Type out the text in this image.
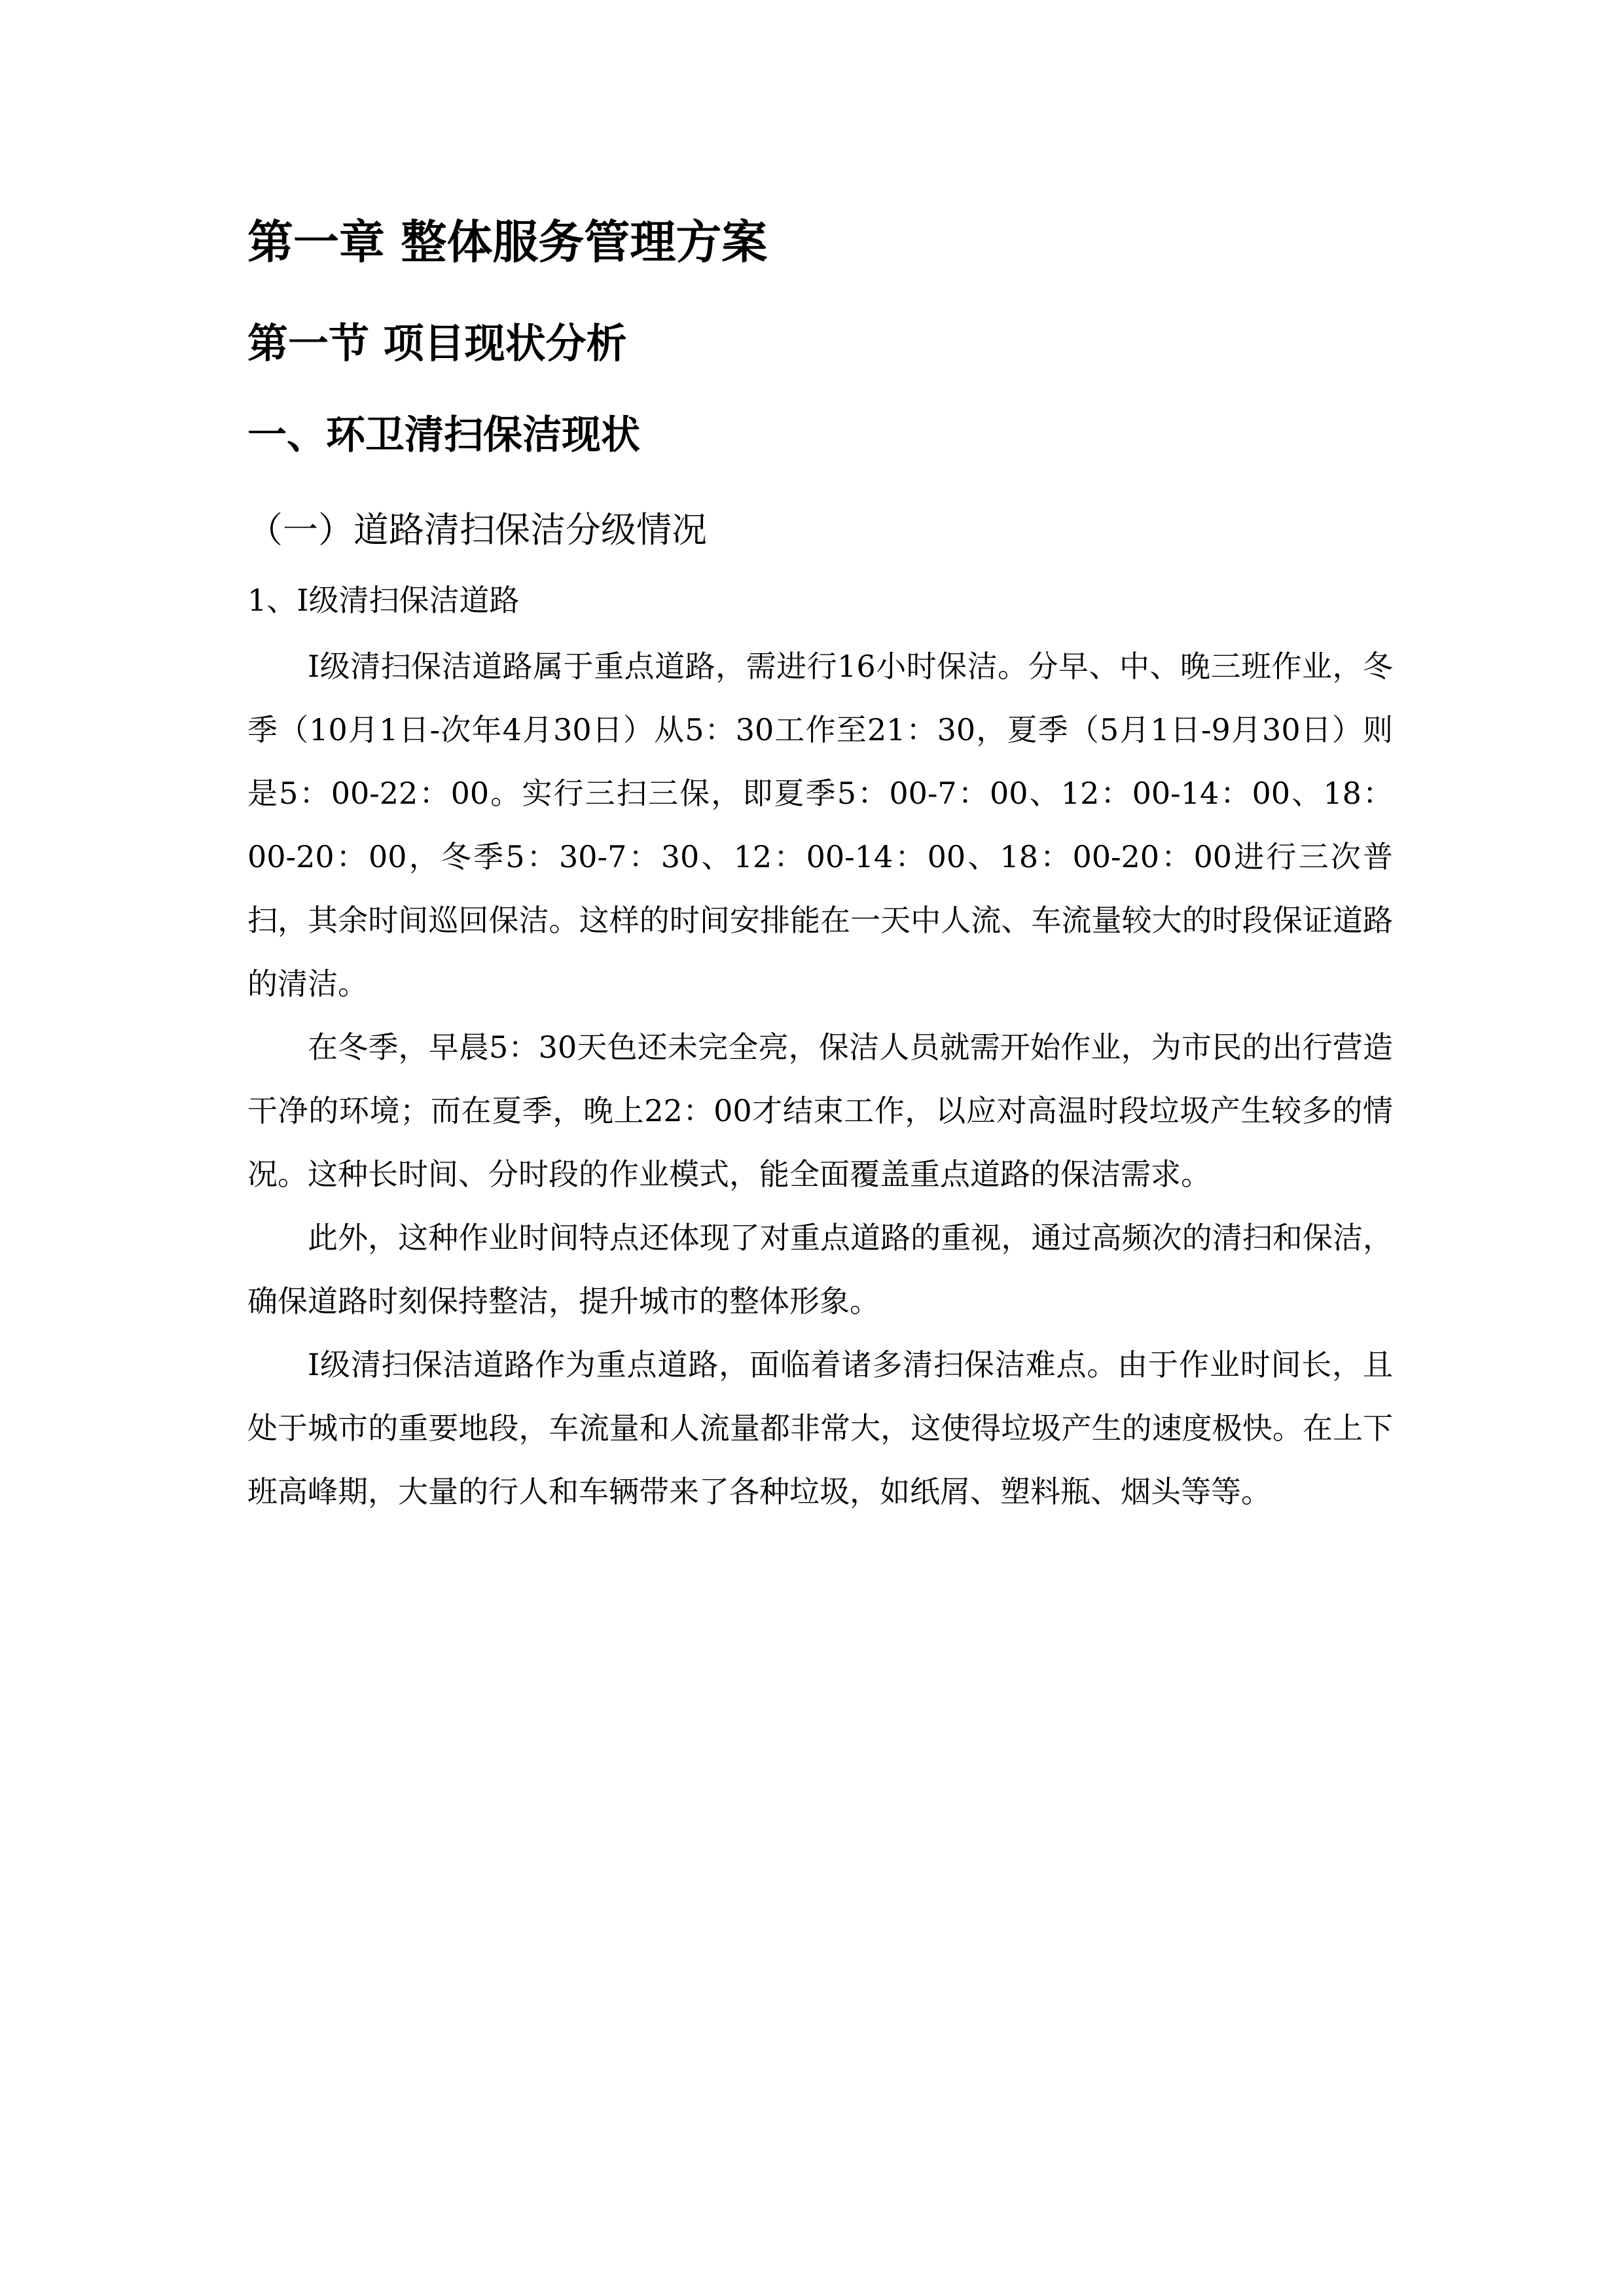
第一章 整体服务管理方案
第一节 项目现状分析
一、环卫清扫保洁现状
（一）道路清扫保洁分级情况
1、Ⅰ级清扫保洁道路

Ⅰ级清扫保洁道路属于重点道路，需进行16小时保洁。分早、中、晚三班作业，冬季（10月1日-次年4月30日）从5：30工作至21：30，夏季（5月1日-9月30日）则是5：00-22：00。实行三扫三保，即夏季5：00-7：00、12：00-14：00、18：00-20：00，冬季5：30-7：30、12：00-14：00、18：00-20：00进行三次普扫，其余时间巡回保洁。这样的时间安排能在一天中人流、车流量较大的时段保证道路的清洁。

在冬季，早晨5：30天色还未完全亮，保洁人员就需开始作业，为市民的出行营造干净的环境；而在夏季，晚上22：00才结束工作，以应对高温时段垃圾产生较多的情况。这种长时间、分时段的作业模式，能全面覆盖重点道路的保洁需求。

此外，这种作业时间特点还体现了对重点道路的重视，通过高频次的清扫和保洁，确保道路时刻保持整洁，提升城市的整体形象。

Ⅰ级清扫保洁道路作为重点道路，面临着诸多清扫保洁难点。由于作业时间长，且处于城市的重要地段，车流量和人流量都非常大，这使得垃圾产生的速度极快。在上下班高峰期，大量的行人和车辆带来了各种垃圾，如纸屑、塑料瓶、烟头等等。
